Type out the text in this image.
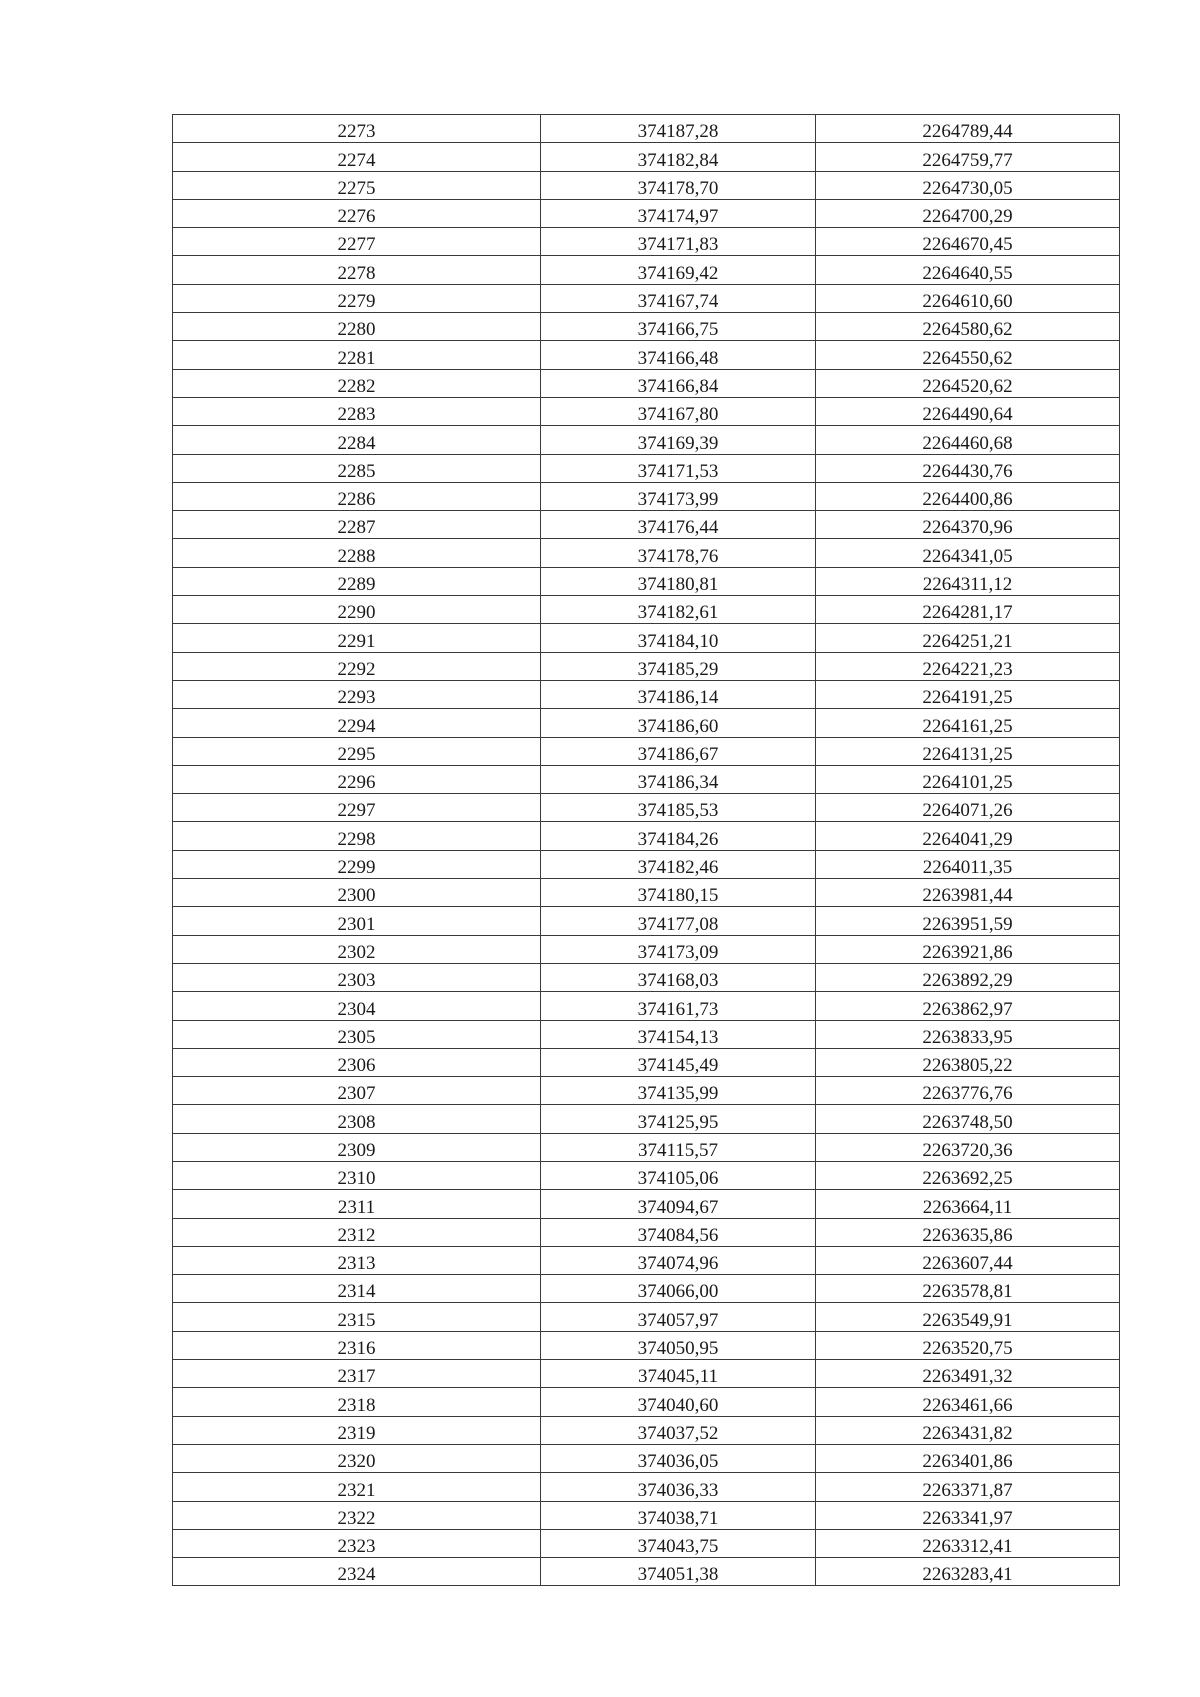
2273	374187,28	2264789,44
2274	374182,84	2264759,77
2275	374178,70	2264730,05
2276	374174,97	2264700,29
2277	374171,83	2264670,45
2278	374169,42	2264640,55
2279	374167,74	2264610,60
2280	374166,75	2264580,62
2281	374166,48	2264550,62
2282	374166,84	2264520,62
2283	374167,80	2264490,64
2284	374169,39	2264460,68
2285	374171,53	2264430,76
2286	374173,99	2264400,86
2287	374176,44	2264370,96
2288	374178,76	2264341,05
2289	374180,81	2264311,12
2290	374182,61	2264281,17
2291	374184,10	2264251,21
2292	374185,29	2264221,23
2293	374186,14	2264191,25
2294	374186,60	2264161,25
2295	374186,67	2264131,25
2296	374186,34	2264101,25
2297	374185,53	2264071,26
2298	374184,26	2264041,29
2299	374182,46	2264011,35
2300	374180,15	2263981,44
2301	374177,08	2263951,59
2302	374173,09	2263921,86
2303	374168,03	2263892,29
2304	374161,73	2263862,97
2305	374154,13	2263833,95
2306	374145,49	2263805,22
2307	374135,99	2263776,76
2308	374125,95	2263748,50
2309	374115,57	2263720,36
2310	374105,06	2263692,25
2311	374094,67	2263664,11
2312	374084,56	2263635,86
2313	374074,96	2263607,44
2314	374066,00	2263578,81
2315	374057,97	2263549,91
2316	374050,95	2263520,75
2317	374045,11	2263491,32
2318	374040,60	2263461,66
2319	374037,52	2263431,82
2320	374036,05	2263401,86
2321	374036,33	2263371,87
2322	374038,71	2263341,97
2323	374043,75	2263312,41
2324	374051,38	2263283,41
